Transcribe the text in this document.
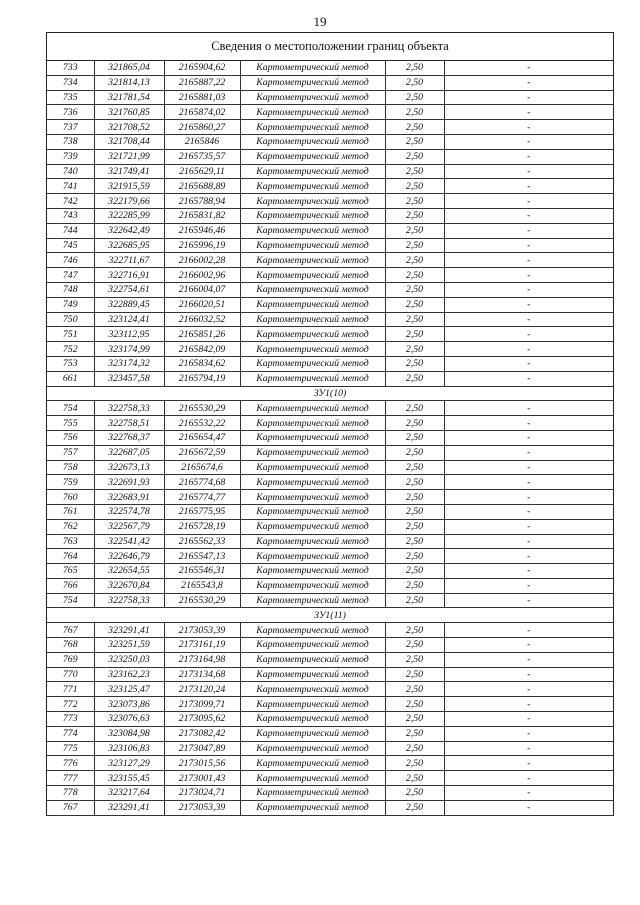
19
Сведения о местоположении границ объекта
733	321865,04	2165904,62	Картометрический метод	2,50	-
734	321814,13	2165887,22	Картометрический метод	2,50	-
735	321781,54	2165881,03	Картометрический метод	2,50	-
736	321760,85	2165874,02	Картометрический метод	2,50	-
737	321708,52	2165860,27	Картометрический метод	2,50	-
738	321708,44	2165846	Картометрический метод	2,50	-
739	321721,99	2165735,57	Картометрический метод	2,50	-
740	321749,41	2165629,11	Картометрический метод	2,50	-
741	321915,59	2165688,89	Картометрический метод	2,50	-
742	322179,66	2165788,94	Картометрический метод	2,50	-
743	322285,99	2165831,82	Картометрический метод	2,50	-
744	322642,49	2165946,46	Картометрический метод	2,50	-
745	322685,95	2165996,19	Картометрический метод	2,50	-
746	322711,67	2166002,28	Картометрический метод	2,50	-
747	322716,91	2166002,96	Картометрический метод	2,50	-
748	322754,61	2166004,07	Картометрический метод	2,50	-
749	322889,45	2166020,51	Картометрический метод	2,50	-
750	323124,41	2166032,52	Картометрический метод	2,50	-
751	323112,95	2165851,26	Картометрический метод	2,50	-
752	323174,99	2165842,09	Картометрический метод	2,50	-
753	323174,32	2165834,62	Картометрический метод	2,50	-
661	323457,58	2165794,19	Картометрический метод	2,50	-
ЗУ1(10)					
754	322758,33	2165530,29	Картометрический метод	2,50	-
755	322758,51	2165532,22	Картометрический метод	2,50	-
756	322768,37	2165654,47	Картометрический метод	2,50	-
757	322687,05	2165672,59	Картометрический метод	2,50	-
758	322673,13	2165674,6	Картометрический метод	2,50	-
759	322691,93	2165774,68	Картометрический метод	2,50	-
760	322683,91	2165774,77	Картометрический метод	2,50	-
761	322574,78	2165775,95	Картометрический метод	2,50	-
762	322567,79	2165728,19	Картометрический метод	2,50	-
763	322541,42	2165562,33	Картометрический метод	2,50	-
764	322646,79	2165547,13	Картометрический метод	2,50	-
765	322654,55	2165546,31	Картометрический метод	2,50	-
766	322670,84	2165543,8	Картометрический метод	2,50	-
754	322758,33	2165530,29	Картометрический метод	2,50	-
ЗУ1(11)					
767	323291,41	2173053,39	Картометрический метод	2,50	-
768	323251,59	2173161,19	Картометрический метод	2,50	-
769	323250,03	2173164,98	Картометрический метод	2,50	-
770	323162,23	2173134,68	Картометрический метод	2,50	-
771	323125,47	2173120,24	Картометрический метод	2,50	-
772	323073,86	2173099,71	Картометрический метод	2,50	-
773	323076,63	2173095,62	Картометрический метод	2,50	-
774	323084,98	2173082,42	Картометрический метод	2,50	-
775	323106,83	2173047,89	Картометрический метод	2,50	-
776	323127,29	2173015,56	Картометрический метод	2,50	-
777	323155,45	2173001,43	Картометрический метод	2,50	-
778	323217,64	2173024,71	Картометрический метод	2,50	-
767	323291,41	2173053,39	Картометрический метод	2,50	-
